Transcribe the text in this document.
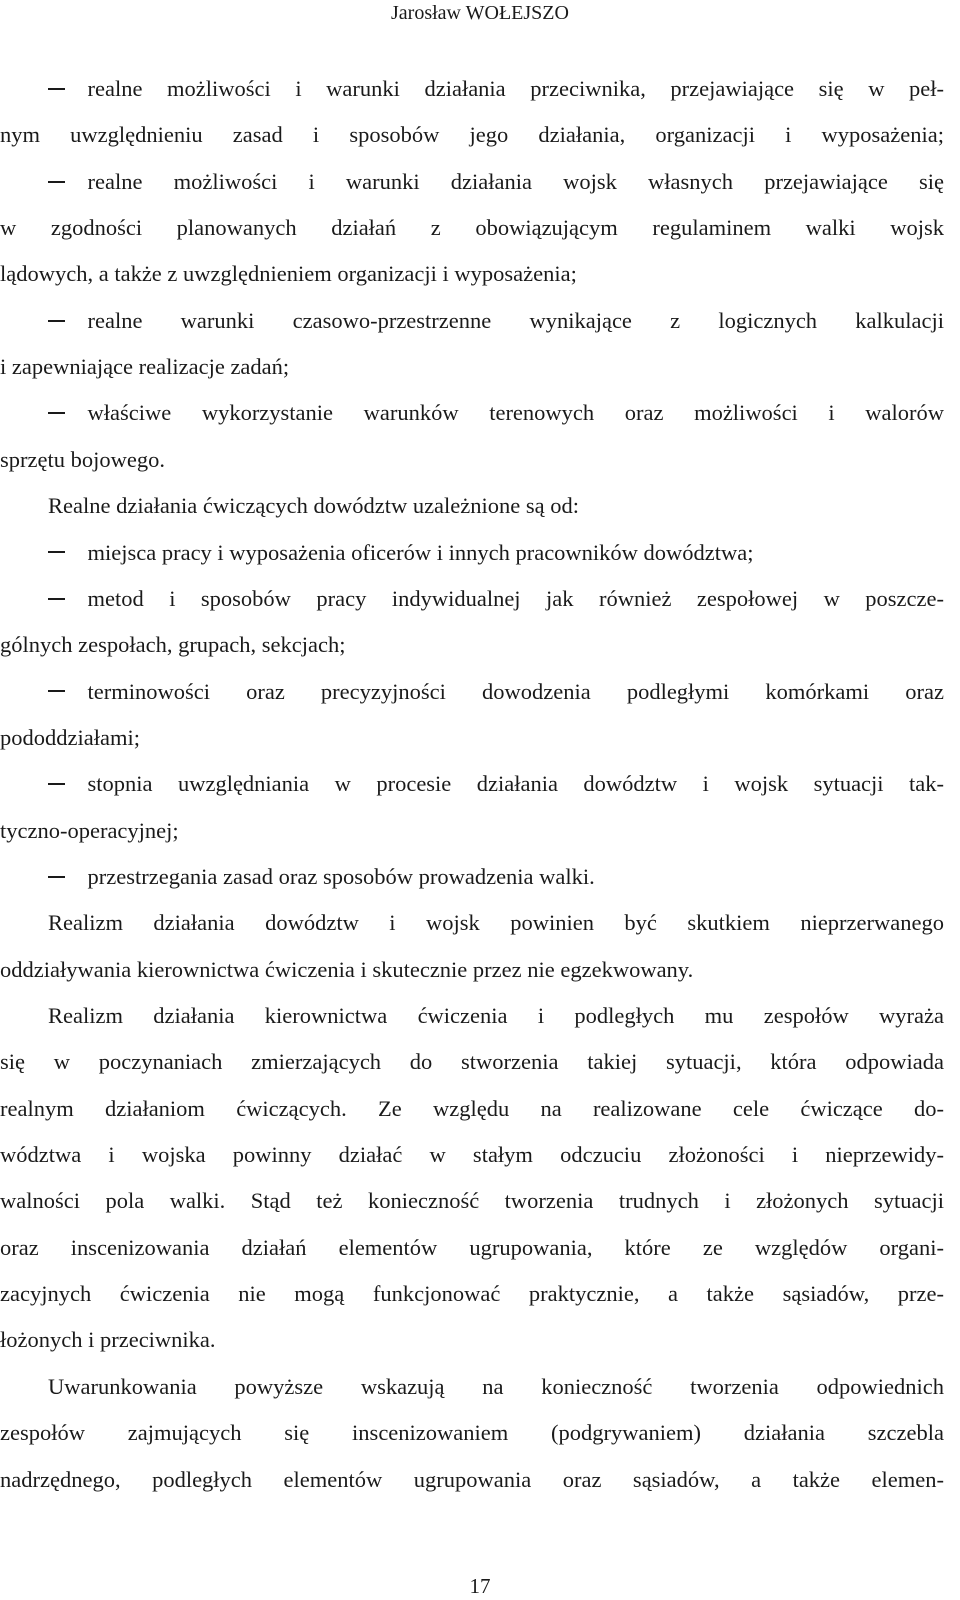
Jarosław WOŁEJSZO
 realne możliwości i warunki działania przeciwnika, przejawiające się w peł-
nym uwzględnieniu zasad i sposobów jego działania, organizacji i wyposażenia;
 realne możliwości i warunki działania wojsk własnych przejawiające się
w zgodności planowanych działań z obowiązującym regulaminem walki wojsk
lądowych, a także z uwzględnieniem organizacji i wyposażenia;
 realne warunki czasowo-przestrzenne wynikające z logicznych kalkulacji
i zapewniające realizacje zadań;
 właściwe wykorzystanie warunków terenowych oraz możliwości i walorów
sprzętu bojowego.
Realne działania ćwiczących dowództw uzależnione są od:
 miejsca pracy i wyposażenia oficerów i innych pracowników dowództwa;
 metod i sposobów pracy indywidualnej jak również zespołowej w poszcze-
gólnych zespołach, grupach, sekcjach;
 terminowości oraz precyzyjności dowodzenia podległymi komórkami oraz
pododdziałami;
 stopnia uwzględniania w procesie działania dowództw i wojsk sytuacji tak-
tyczno-operacyjnej;
 przestrzegania zasad oraz sposobów prowadzenia walki.
Realizm działania dowództw i wojsk powinien być skutkiem nieprzerwanego
oddziaływania kierownictwa ćwiczenia i skutecznie przez nie egzekwowany.
Realizm działania kierownictwa ćwiczenia i podległych mu zespołów wyraża
się w poczynaniach zmierzających do stworzenia takiej sytuacji, która odpowiada
realnym działaniom ćwiczących. Ze względu na realizowane cele ćwiczące do-
wództwa i wojska powinny działać w stałym odczuciu złożoności i nieprzewidy-
walności pola walki. Stąd też konieczność tworzenia trudnych i złożonych sytuacji
oraz inscenizowania działań elementów ugrupowania, które ze względów organi-
zacyjnych ćwiczenia nie mogą funkcjonować praktycznie, a także sąsiadów, prze-
łożonych i przeciwnika.
Uwarunkowania powyższe wskazują na konieczność tworzenia odpowiednich
zespołów zajmujących się inscenizowaniem (podgrywaniem) działania szczebla
nadrzędnego, podległych elementów ugrupowania oraz sąsiadów, a także elemen-
17
